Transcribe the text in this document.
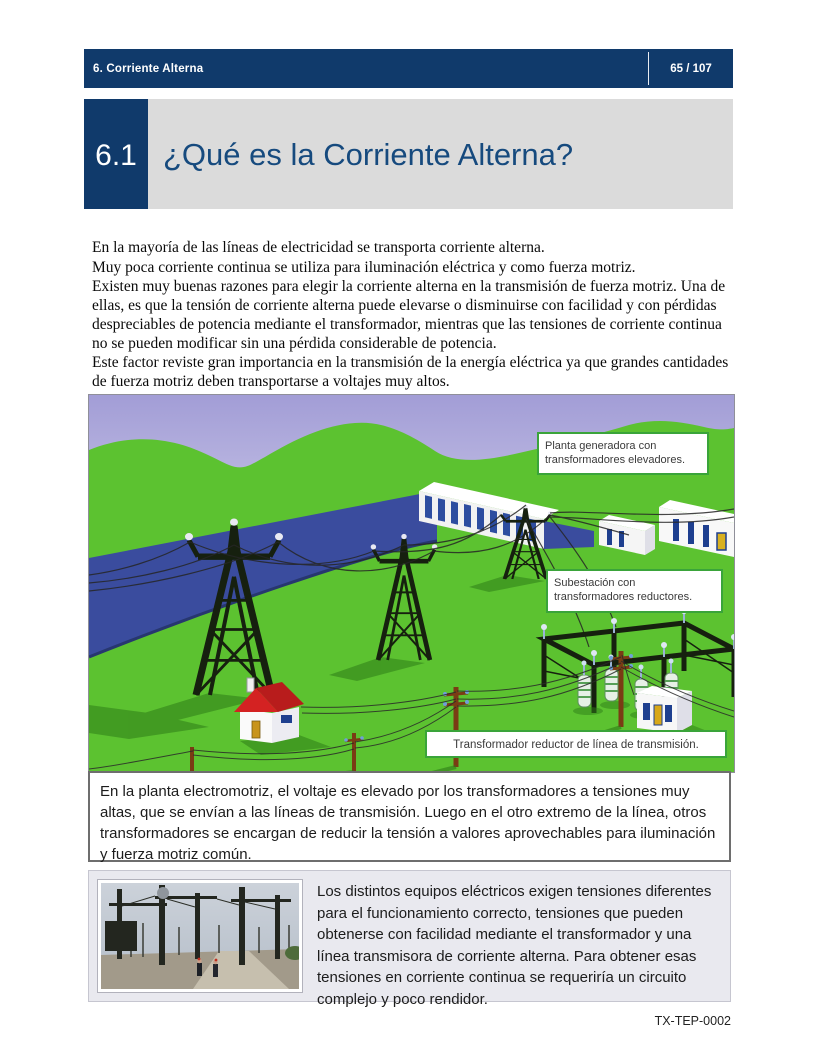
6. Corriente Alterna	65 / 107
6.1 ¿Qué es la Corriente Alterna?

En la mayoría de las líneas de electricidad se transporta corriente alterna.

Muy poca corriente continua se utiliza para iluminación eléctrica y como fuerza motriz.

Existen muy buenas razones para elegir la corriente alterna en la transmisión de fuerza motriz. Una de ellas, es que la tensión de corriente alterna puede elevarse o disminuirse con facilidad y con pérdidas despreciables de potencia mediante el transformador, mientras que las tensiones de corriente continua no se pueden modificar sin una pérdida considerable de potencia.

Este factor reviste gran importancia en la transmisión de la energía eléctrica ya que grandes cantidades de fuerza motriz deben transportarse a voltajes muy altos.

Planta generadora con transformadores elevadores.
Subestación con transformadores reductores.
Transformador reductor de línea de transmisión.
En la planta electromotriz, el voltaje es elevado por los transformadores a tensiones muy altas, que se envían a las líneas de transmisión. Luego en el otro extremo de la línea, otros transformadores se encargan de reducir la tensión a valores aprovechables para iluminación y fuerza motriz común.

Los distintos equipos eléctricos exigen tensiones diferentes para el funcionamiento correcto, tensiones que pueden obtenerse con facilidad mediante el transformador y una línea transmisora de corriente alterna. Para obtener esas tensiones en corriente continua se requeriría un circuito complejo y poco rendidor.

TX-TEP-0002
